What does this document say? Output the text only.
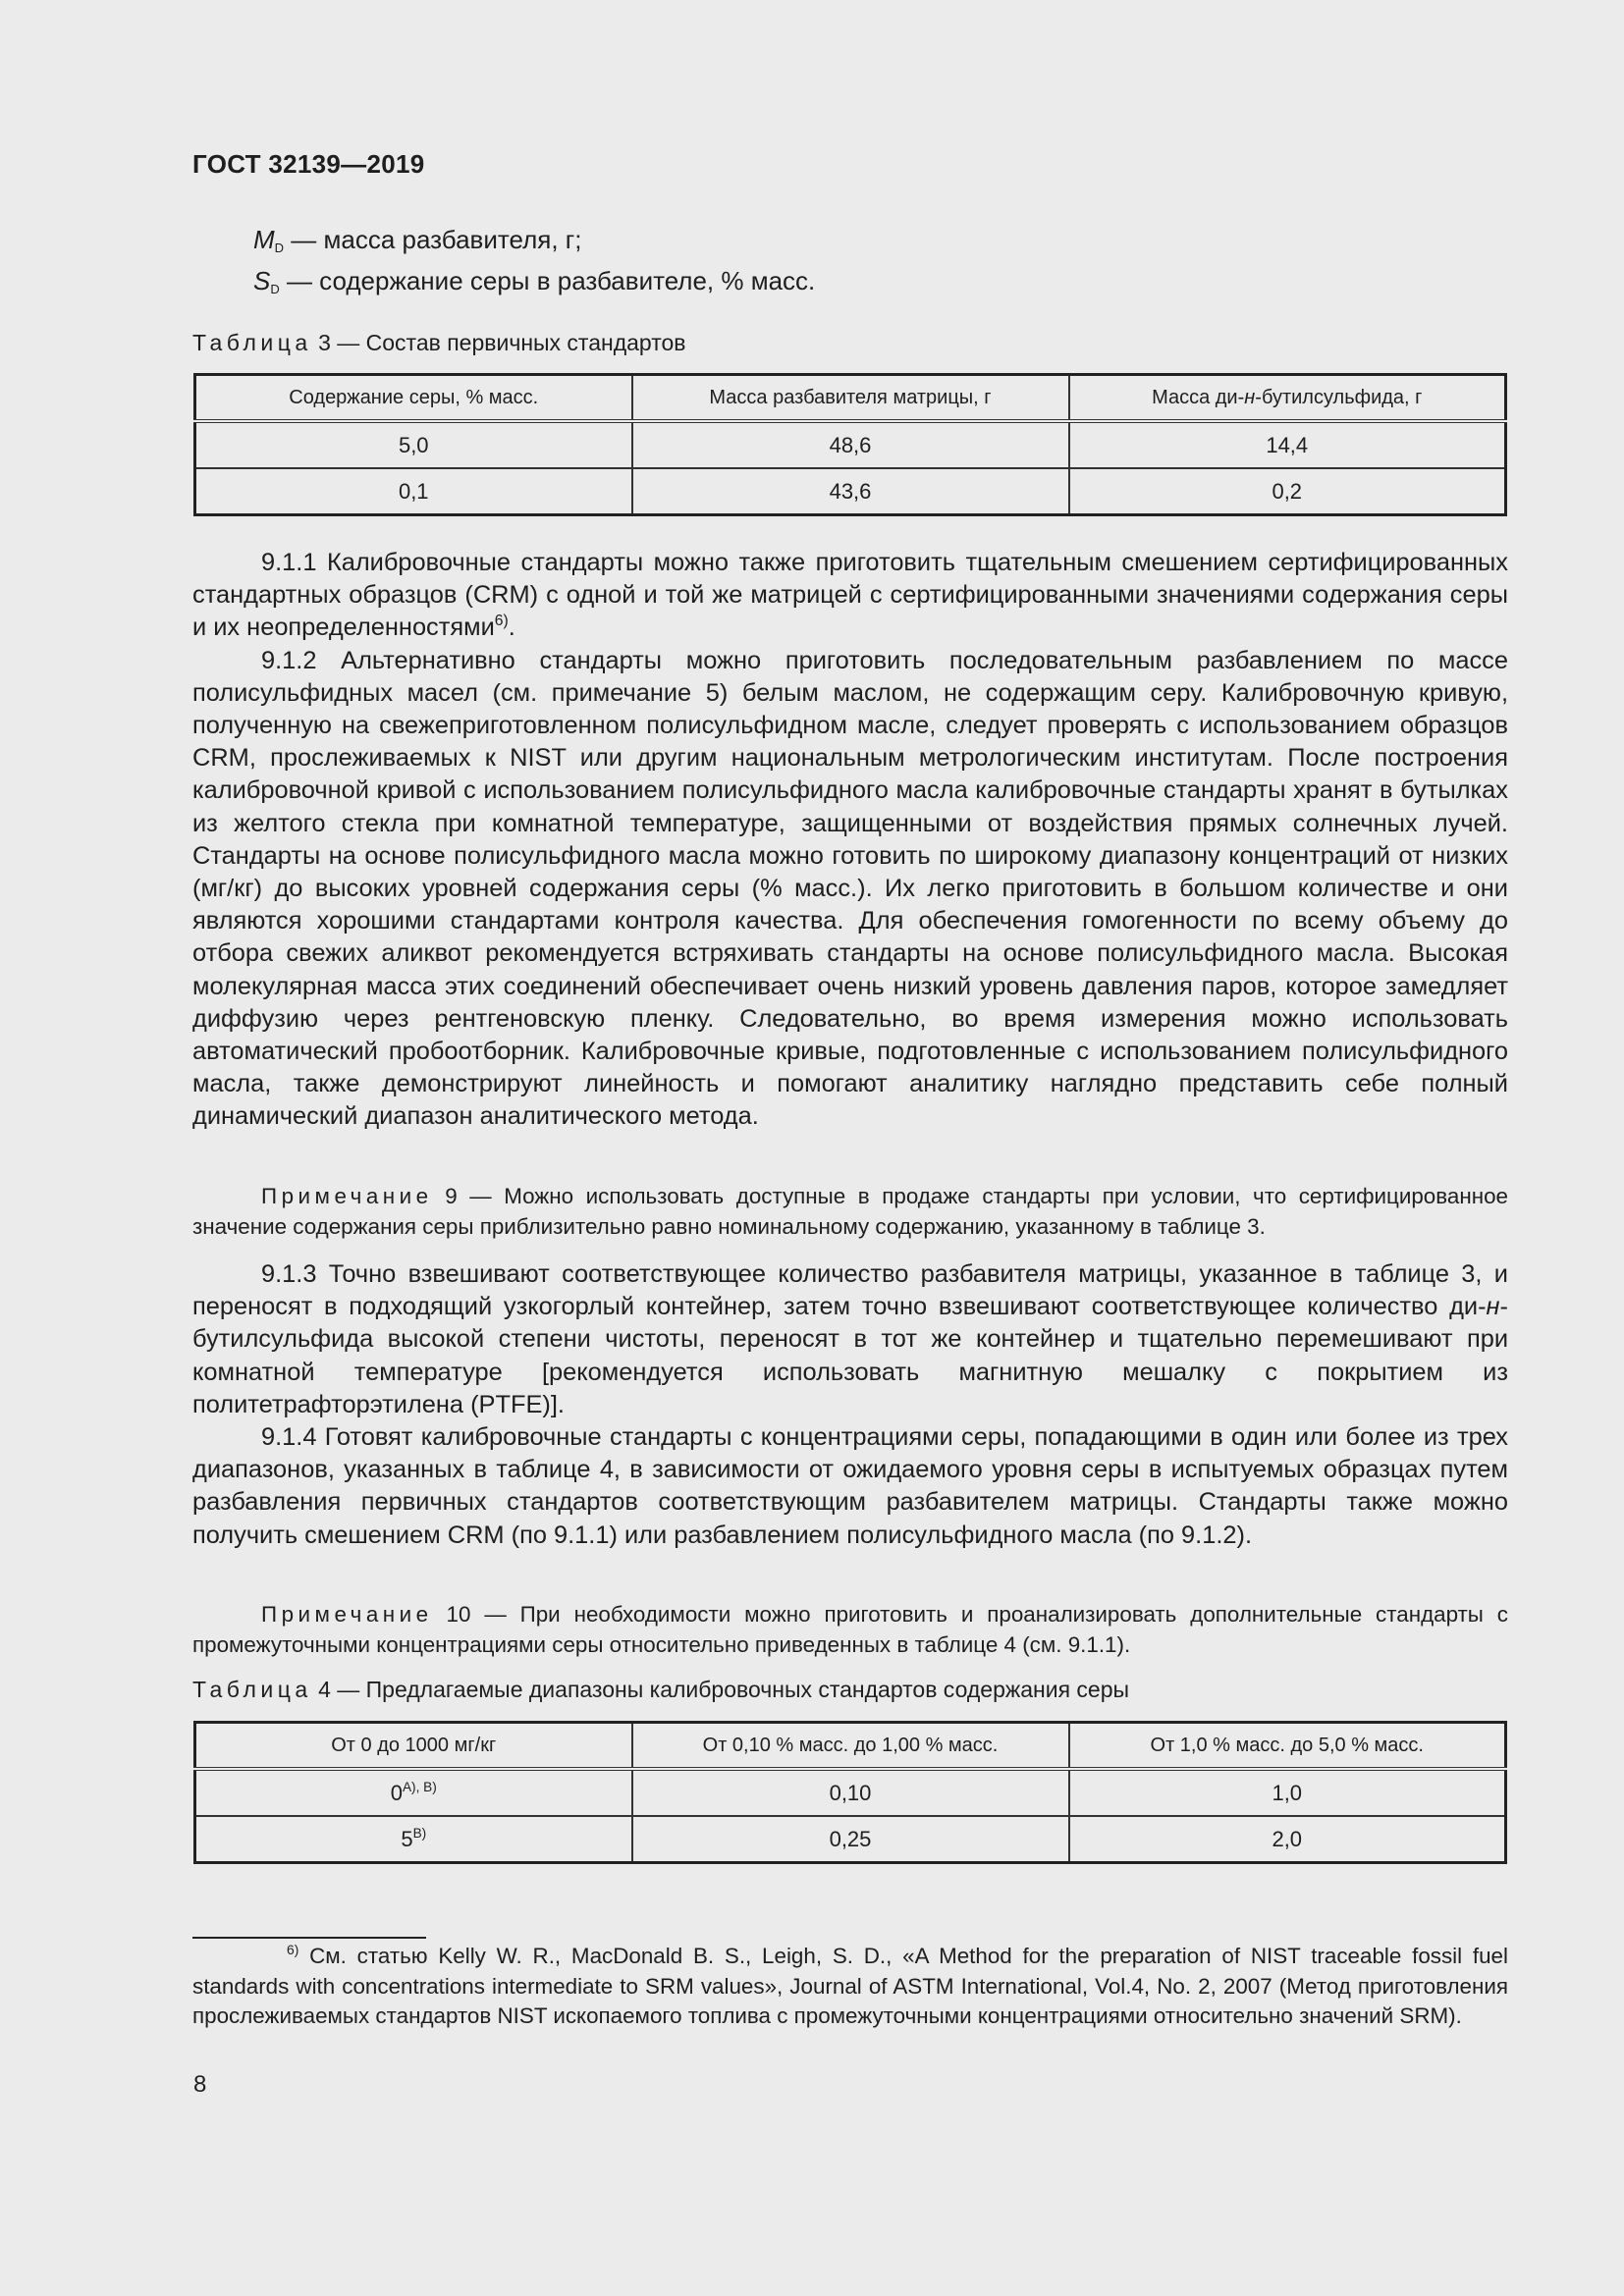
ГОСТ 32139—2019
$M_D$ — масса разбавителя, г;
$S_D$ — содержание серы в разбавителе, % масс.
Таблица 3 — Состав первичных стандартов
Содержание серы, % масс.	Масса разбавителя матрицы, г	Масса ди-н-бутилсульфида, г
5,0	48,6	14,4
0,1	43,6	0,2

9.1.1 Калибровочные стандарты можно также приготовить тщательным смешением сертифицированных стандартных образцов (CRM) с одной и той же матрицей с сертифицированными значениями содержания серы и их неопределенностями$^{6)}$.

9.1.2 Альтернативно стандарты можно приготовить последовательным разбавлением по массе полисульфидных масел (см. примечание 5) белым маслом, не содержащим серу. Калибровочную кривую, полученную на свежеприготовленном полисульфидном масле, следует проверять с использованием образцов CRM, прослеживаемых к NIST или другим национальным метрологическим институтам. После построения калибровочной кривой с использованием полисульфидного масла калибровочные стандарты хранят в бутылках из желтого стекла при комнатной температуре, защищенными от воздействия прямых солнечных лучей. Стандарты на основе полисульфидного масла можно готовить по широкому диапазону концентраций от низких (мг/кг) до высоких уровней содержания серы (% масс.). Их легко приготовить в большом количестве и они являются хорошими стандартами контроля качества. Для обеспечения гомогенности по всему объему до отбора свежих аликвот рекомендуется встряхивать стандарты на основе полисульфидного масла. Высокая молекулярная масса этих соединений обеспечивает очень низкий уровень давления паров, которое замедляет диффузию через рентгеновскую пленку. Следовательно, во время измерения можно использовать автоматический пробоотборник. Калибровочные кривые, подготовленные с использованием полисульфидного масла, также демонстрируют линейность и помогают аналитику наглядно представить себе полный динамический диапазон аналитического метода.

Примечание 9 — Можно использовать доступные в продаже стандарты при условии, что сертифицированное значение содержания серы приблизительно равно номинальному содержанию, указанному в таблице 3.

9.1.3 Точно взвешивают соответствующее количество разбавителя матрицы, указанное в таблице 3, и переносят в подходящий узкогорлый контейнер, затем точно взвешивают соответствующее количество ди-н-бутилсульфида высокой степени чистоты, переносят в тот же контейнер и тщательно перемешивают при комнатной температуре [рекомендуется использовать магнитную мешалку с покрытием из политетрафторэтилена (PTFE)].

9.1.4 Готовят калибровочные стандарты с концентрациями серы, попадающими в один или более из трех диапазонов, указанных в таблице 4, в зависимости от ожидаемого уровня серы в испытуемых образцах путем разбавления первичных стандартов соответствующим разбавителем матрицы. Стандарты также можно получить смешением CRM (по 9.1.1) или разбавлением полисульфидного масла (по 9.1.2).

Примечание 10 — При необходимости можно приготовить и проанализировать дополнительные стандарты с промежуточными концентрациями серы относительно приведенных в таблице 4 (см. 9.1.1).

Таблица 4 — Предлагаемые диапазоны калибровочных стандартов содержания серы
От 0 до 1000 мг/кг	От 0,10 % масс. до 1,00 % масс.	От 1,0 % масс. до 5,0 % масс.
$0^{А), В)}$	0,10	1,0
$5^{В)}$	0,25	2,0

$^{6)}$ См. статью Kelly W. R., MacDonald B. S., Leigh, S. D., «A Method for the preparation of NIST traceable fossil fuel standards with concentrations intermediate to SRM values», Journal of ASTM International, Vol.4, No. 2, 2007 (Метод приготовления прослеживаемых стандартов NIST ископаемого топлива с промежуточными концентрациями относительно значений SRM).

8
